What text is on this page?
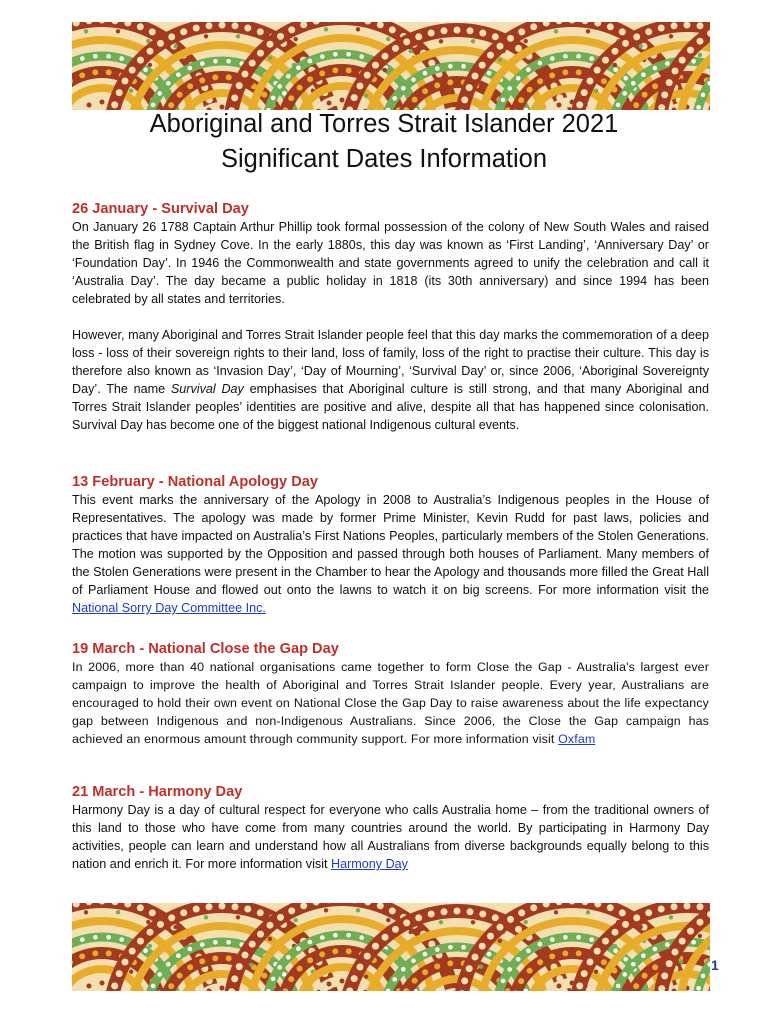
Aboriginal and Torres Strait Islander 2021
Significant Dates Information
26 January - Survival Day

On January 26 1788 Captain Arthur Phillip took formal possession of the colony of New South Wales and raised the British flag in Sydney Cove. In the early 1880s, this day was known as ‘First Landing’, ‘Anniversary Day’ or ‘Foundation Day’. In 1946 the Commonwealth and state governments agreed to unify the celebration and call it ‘Australia Day’. The day became a public holiday in 1818 (its 30th anniversary) and since 1994 has been celebrated by all states and territories.

However, many Aboriginal and Torres Strait Islander people feel that this day marks the commemoration of a deep loss - loss of their sovereign rights to their land, loss of family, loss of the right to practise their culture. This day is therefore also known as ‘Invasion Day’, ‘Day of Mourning’, ‘Survival Day’ or, since 2006, ‘Aboriginal Sovereignty Day’. The name Survival Day emphasises that Aboriginal culture is still strong, and that many Aboriginal and Torres Strait Islander peoples’ identities are positive and alive, despite all that has happened since colonisation. Survival Day has become one of the biggest national Indigenous cultural events.

13 February - National Apology Day

This event marks the anniversary of the Apology in 2008 to Australia’s Indigenous peoples in the House of Representatives. The apology was made by former Prime Minister, Kevin Rudd for past laws, policies and practices that have impacted on Australia’s First Nations Peoples, particularly members of the Stolen Generations. The motion was supported by the Opposition and passed through both houses of Parliament. Many members of the Stolen Generations were present in the Chamber to hear the Apology and thousands more filled the Great Hall of Parliament House and flowed out onto the lawns to watch it on big screens. For more information visit the National Sorry Day Committee Inc.

19 March - National Close the Gap Day

In 2006, more than 40 national organisations came together to form Close the Gap - Australia's largest ever campaign to improve the health of Aboriginal and Torres Strait Islander people. Every year, Australians are encouraged to hold their own event on National Close the Gap Day to raise awareness about the life expectancy gap between Indigenous and non-Indigenous Australians. Since 2006, the Close the Gap campaign has achieved an enormous amount through community support. For more information visit Oxfam

21 March - Harmony Day

Harmony Day is a day of cultural respect for everyone who calls Australia home – from the traditional owners of this land to those who have come from many countries around the world. By participating in Harmony Day activities, people can learn and understand how all Australians from diverse backgrounds equally belong to this nation and enrich it. For more information visit Harmony Day

1
